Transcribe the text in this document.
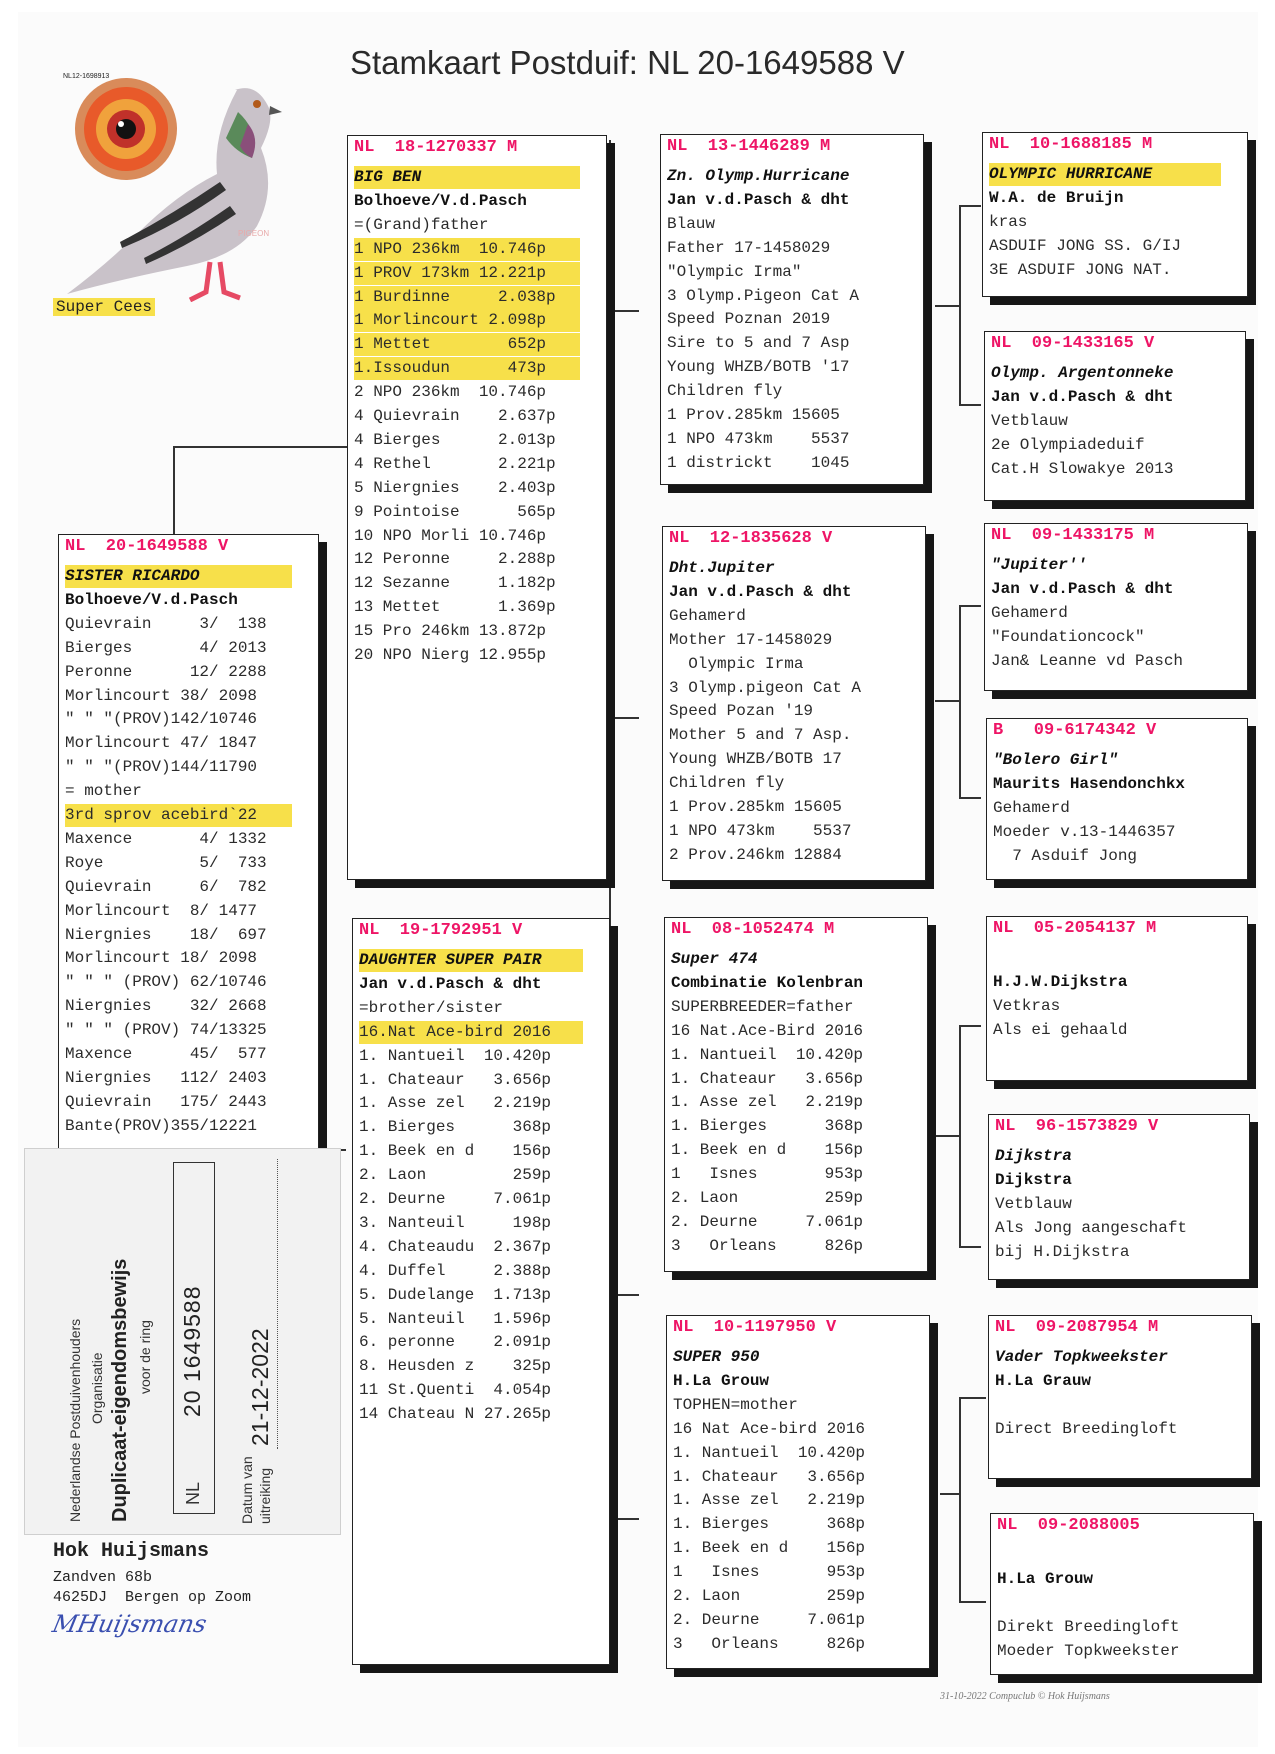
Stamkaart Postduif: NL 20-1649588 V
NL12-1698913
PIGEON
Super Cees
NL  20-1649588 V
SISTER RICARDO
Bolhoeve/V.d.Pasch
Quievrain     3/  138
Bierges       4/ 2013
Peronne      12/ 2288
Morlincourt 38/ 2098
" " "(PROV)142/10746
Morlincourt 47/ 1847
" " "(PROV)144/11790
= mother
3rd sprov acebird`22
Maxence       4/ 1332
Roye          5/  733
Quievrain     6/  782
Morlincourt  8/ 1477
Niergnies    18/  697
Morlincourt 18/ 2098
" " " (PROV) 62/10746
Niergnies    32/ 2668
" " " (PROV) 74/13325
Maxence      45/  577
Niergnies   112/ 2403
Quievrain   175/ 2443
Bante(PROV)355/12221
NL  18-1270337 M
BIG BEN
Bolhoeve/V.d.Pasch
=(Grand)father
1 NPO 236km  10.746p
1 PROV 173km 12.221p
1 Burdinne     2.038p
1 Morlincourt 2.098p
1 Mettet        652p
1.Issoudun      473p
2 NPO 236km  10.746p
4 Quievrain    2.637p
4 Bierges      2.013p
4 Rethel       2.221p
5 Niergnies    2.403p
9 Pointoise      565p
10 NPO Morli 10.746p
12 Peronne     2.288p
12 Sezanne     1.182p
13 Mettet      1.369p
15 Pro 246km 13.872p
20 NPO Nierg 12.955p
NL  19-1792951 V
DAUGHTER SUPER PAIR
Jan v.d.Pasch & dht
=brother/sister
16.Nat Ace-bird 2016
1. Nantueil  10.420p
1. Chateaur   3.656p
1. Asse zel   2.219p
1. Bierges      368p
1. Beek en d    156p
2. Laon         259p
2. Deurne     7.061p
3. Nanteuil     198p
4. Chateaudu  2.367p
4. Duffel     2.388p
5. Dudelange  1.713p
5. Nanteuil   1.596p
6. peronne    2.091p
8. Heusden z    325p
11 St.Quenti  4.054p
14 Chateau N 27.265p
NL  13-1446289 M
Zn. Olymp.Hurricane
Jan v.d.Pasch & dht
Blauw
Father 17-1458029
"Olympic Irma"
3 Olymp.Pigeon Cat A
Speed Poznan 2019
Sire to 5 and 7 Asp
Young WHZB/BOTB '17
Children fly
1 Prov.285km 15605
1 NPO 473km    5537
1 districkt    1045
NL  12-1835628 V
Dht.Jupiter
Jan v.d.Pasch & dht
Gehamerd
Mother 17-1458029
Olympic Irma
3 Olymp.pigeon Cat A
Speed Pozan '19
Mother 5 and 7 Asp.
Young WHZB/BOTB 17
Children fly
1 Prov.285km 15605
1 NPO 473km    5537
2 Prov.246km 12884
NL  08-1052474 M
Super 474
Combinatie Kolenbran
SUPERBREEDER=father
16 Nat.Ace-Bird 2016
1. Nantueil  10.420p
1. Chateaur   3.656p
1. Asse zel   2.219p
1. Bierges      368p
1. Beek en d    156p
1   Isnes       953p
2. Laon         259p
2. Deurne     7.061p
3   Orleans     826p
NL  10-1197950 V
SUPER 950
H.La Grouw
TOPHEN=mother
16 Nat Ace-bird 2016
1. Nantueil  10.420p
1. Chateaur   3.656p
1. Asse zel   2.219p
1. Bierges      368p
1. Beek en d    156p
1   Isnes       953p
2. Laon         259p
2. Deurne     7.061p
3   Orleans     826p
NL  10-1688185 M
OLYMPIC HURRICANE
W.A. de Bruijn
kras
ASDUIF JONG SS. G/IJ
3E ASDUIF JONG NAT.
NL  09-1433165 V
Olymp. Argentonneke
Jan v.d.Pasch & dht
Vetblauw
2e Olympiadeduif
Cat.H Slowakye 2013
NL  09-1433175 M
"Jupiter''
Jan v.d.Pasch & dht
Gehamerd
"Foundationcock"
Jan& Leanne vd Pasch
B   09-6174342 V
"Bolero Girl"
Maurits Hasendonchkx
Gehamerd
Moeder v.13-1446357
7 Asduif Jong
NL  05-2054137 M
H.J.W.Dijkstra
Vetkras
Als ei gehaald
NL  96-1573829 V
Dijkstra
Dijkstra
Vetblauw
Als Jong aangeschaft
bij H.Dijkstra
NL  09-2087954 M
Vader Topkweekster
H.La Grauw
Direct Breedingloft
NL  09-2088005
H.La Grouw
Direkt Breedingloft
Moeder Topkweekster
Nederlandse Postduivenhouders Organisatie Duplicaat-eigendomsbewijs voor de ring
NL
20 1649588
Datum van uitreiking
21-12-2022
Hok Huijsmans
Zandven 68b
4625DJ  Bergen op Zoom
MHuijsmans
31-10-2022 Compuclub © Hok Huijsmans
